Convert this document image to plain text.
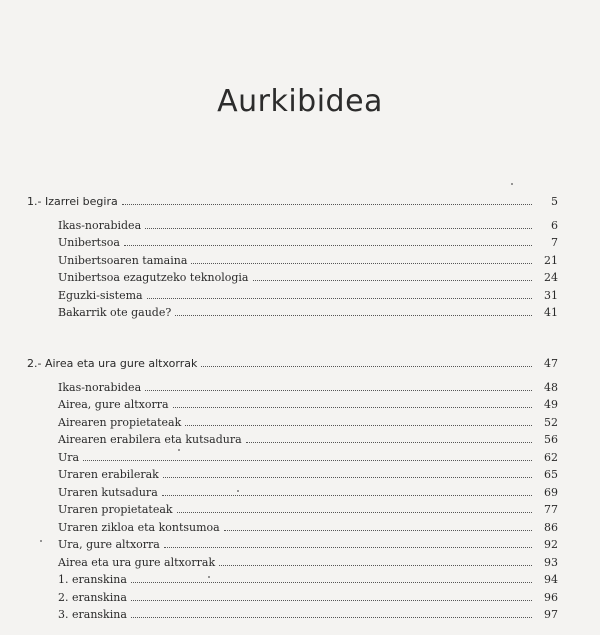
Aurkibidea
1.- Izarrei begira	5
Ikas-norabidea	6
Unibertsoa	7
Unibertsoaren tamaina	21
Unibertsoa ezagutzeko teknologia	24
Eguzki-sistema	31
Bakarrik ote gaude?	41
2.- Airea eta ura gure altxorrak	47
Ikas-norabidea	48
Airea, gure altxorra	49
Airearen propietateak	52
Airearen erabilera eta kutsadura	56
Ura	62
Uraren erabilerak	65
Uraren kutsadura	69
Uraren propietateak	77
Uraren zikloa eta kontsumoa	86
Ura, gure altxorra	92
Airea eta ura gure altxorrak	93
1. eranskina	94
2. eranskina	96
3. eranskina	97
